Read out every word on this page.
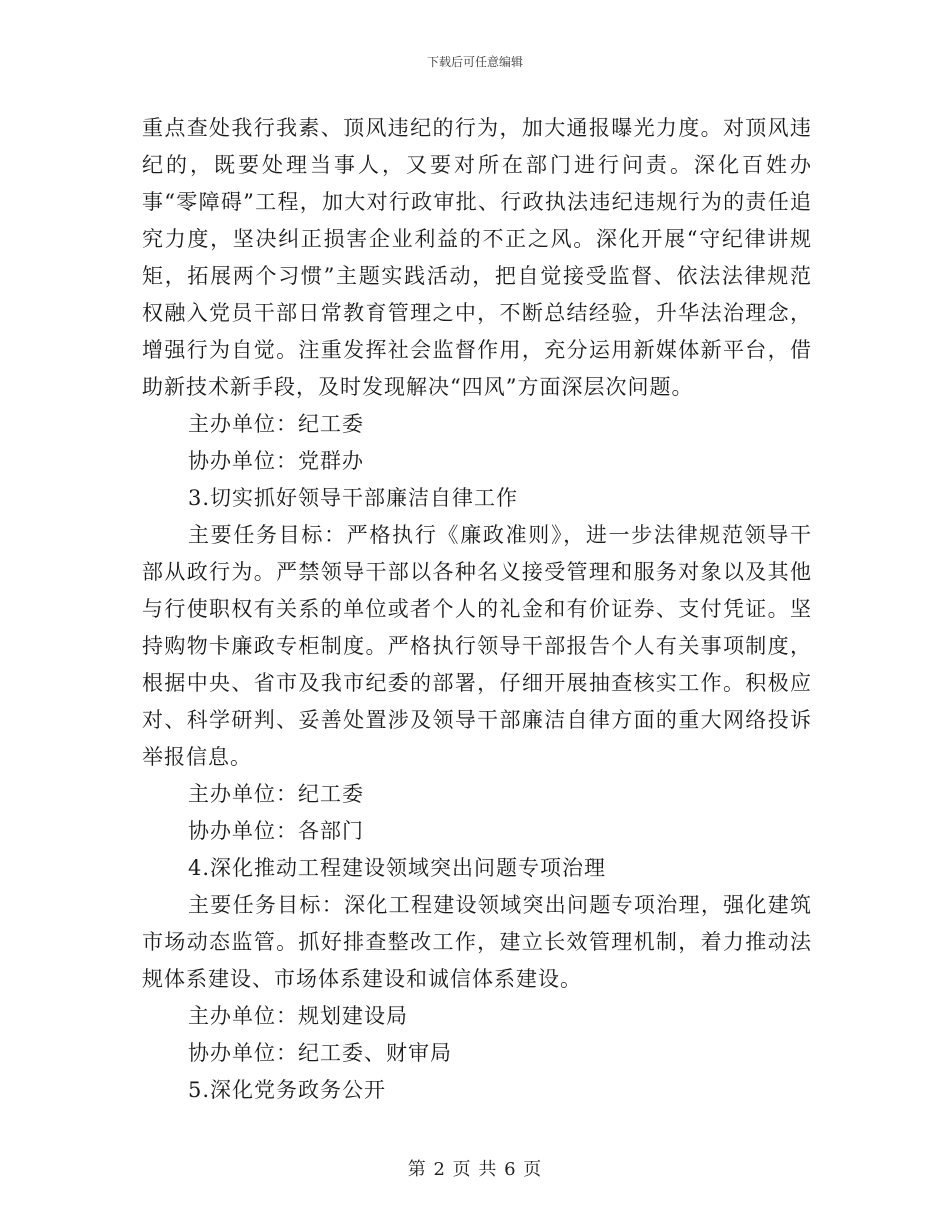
下载后可任意编辑

重点查处我行我素、顶风违纪的行为，加大通报曝光力度。对顶风违纪的，既要处理当事人，又要对所在部门进行问责。深化百姓办事“零障碍”工程，加大对行政审批、行政执法违纪违规行为的责任追究力度，坚决纠正损害企业利益的不正之风。深化开展“守纪律讲规矩，拓展两个习惯”主题实践活动，把自觉接受监督、依法法律规范权融入党员干部日常教育管理之中，不断总结经验，升华法治理念，增强行为自觉。注重发挥社会监督作用，充分运用新媒体新平台，借助新技术新手段，及时发现解决“四风”方面深层次问题。

主办单位：纪工委

协办单位：党群办

3.切实抓好领导干部廉洁自律工作

主要任务目标：严格执行《廉政准则》，进一步法律规范领导干部从政行为。严禁领导干部以各种名义接受管理和服务对象以及其他与行使职权有关系的单位或者个人的礼金和有价证券、支付凭证。坚持购物卡廉政专柜制度。严格执行领导干部报告个人有关事项制度，根据中央、省市及我市纪委的部署，仔细开展抽查核实工作。积极应对、科学研判、妥善处置涉及领导干部廉洁自律方面的重大网络投诉举报信息。

主办单位：纪工委

协办单位：各部门

4.深化推动工程建设领域突出问题专项治理

主要任务目标：深化工程建设领域突出问题专项治理，强化建筑市场动态监管。抓好排查整改工作，建立长效管理机制，着力推动法规体系建设、市场体系建设和诚信体系建设。

主办单位：规划建设局

协办单位：纪工委、财审局

5.深化党务政务公开

第 2 页 共 6 页
